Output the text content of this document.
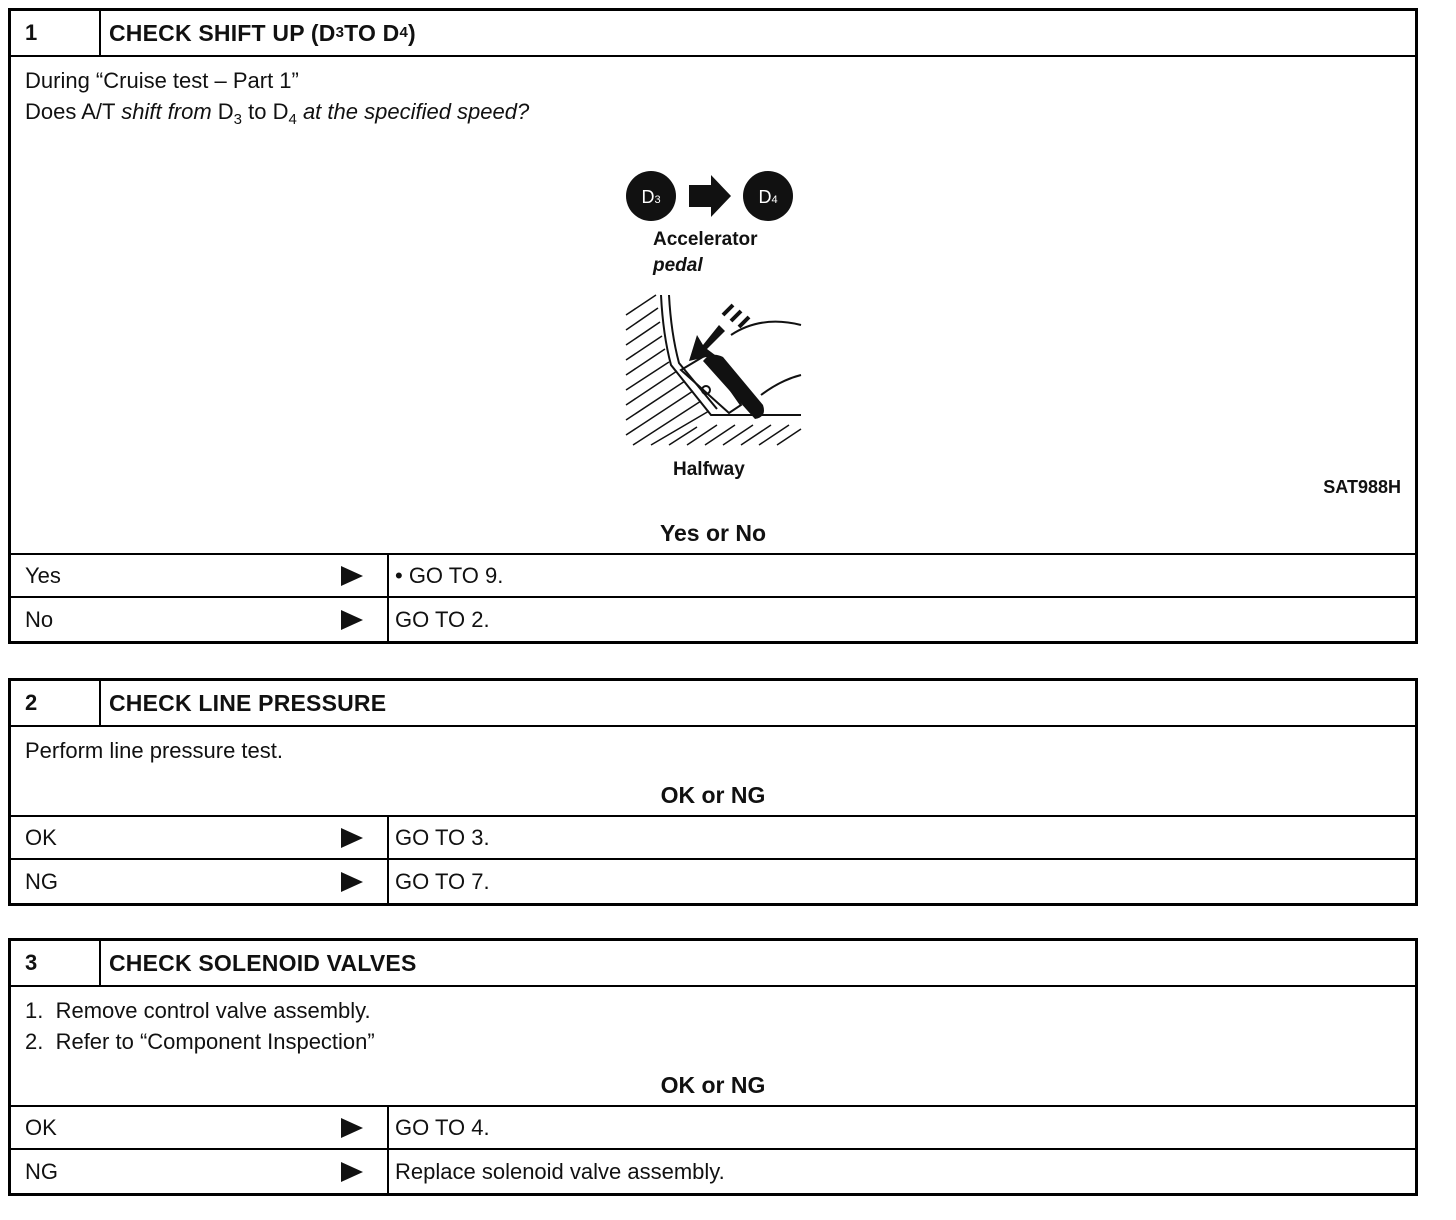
1	CHECK SHIFT UP (D 3 TO D 4 )
During “Cruise test – Part 1”
Does A/T shift from $D_3$ to $D_4$ at the specified speed?
D3	D4
Accelerator
pedal
Halfway
SAT988H
Yes or No
Yes	• GO TO 9.
No	GO TO 2.
2	CHECK LINE PRESSURE
Perform line pressure test.
OK or NG
OK	GO TO 3.
NG	GO TO 7.
3	CHECK SOLENOID VALVES
1.  Remove control valve assembly.
2.  Refer to “Component Inspection”
OK or NG
OK	GO TO 4.
NG	Replace solenoid valve assembly.
